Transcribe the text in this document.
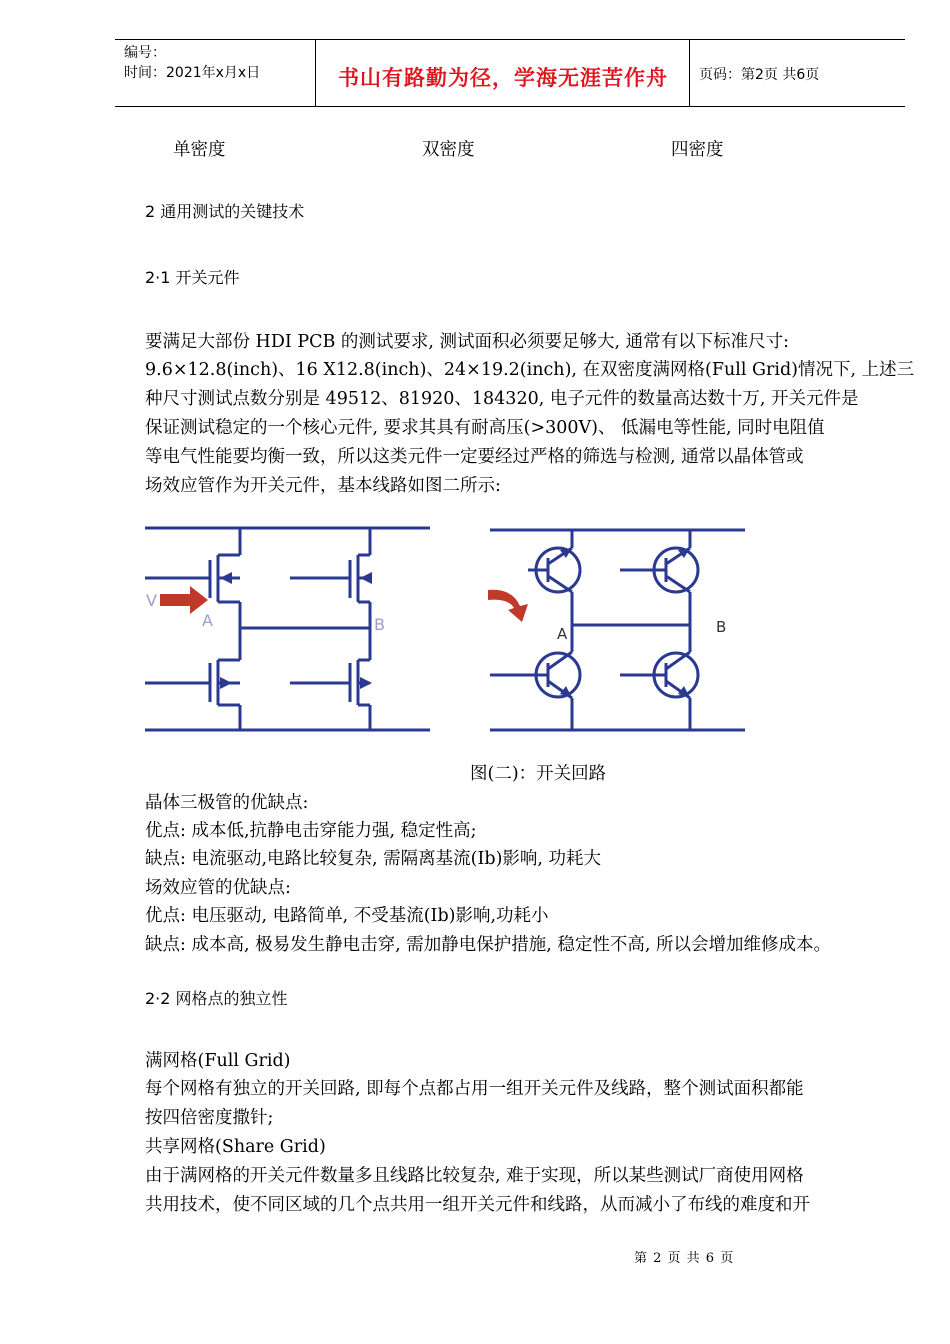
编号：
时间：2021年x月x日	书山有路勤为径，学海无涯苦作舟	页码：第2页 共6页
单密度	双密度	四密度
2 通用测试的关键技术
2·1 开关元件
要满足大部份 HDI PCB 的测试要求, 测试面积必须要足够大, 通常有以下标准尺寸:
9.6×12.8(inch)、16 X12.8(inch)、24×19.2(inch), 在双密度满网格(Full Grid)情况下, 上述三
种尺寸测试点数分别是 49512、81920、184320, 电子元件的数量高达数十万, 开关元件是
保证测试稳定的一个核心元件, 要求其具有耐高压(>300V)、 低漏电等性能, 同时电阻值
等电气性能要均衡一致，所以这类元件一定要经过严格的筛选与检测, 通常以晶体管或
场效应管作为开关元件，基本线路如图二所示:
V
A	B	A	B
图(二)：开关回路
晶体三极管的优缺点:
优点: 成本低,抗静电击穿能力强, 稳定性高;
缺点: 电流驱动,电路比较复杂, 需隔离基流(Ib)影响, 功耗大
场效应管的优缺点:
优点: 电压驱动, 电路简单, 不受基流(Ib)影响,功耗小
缺点: 成本高, 极易发生静电击穿, 需加静电保护措施, 稳定性不高, 所以会增加维修成本。
2·2 网格点的独立性
满网格(Full Grid)
每个网格有独立的开关回路, 即每个点都占用一组开关元件及线路，整个测试面积都能
按四倍密度撒针;
共享网格(Share Grid)
由于满网格的开关元件数量多且线路比较复杂, 难于实现，所以某些测试厂商使用网格
共用技术，使不同区域的几个点共用一组开关元件和线路，从而减小了布线的难度和开
第 2 页 共 6 页
